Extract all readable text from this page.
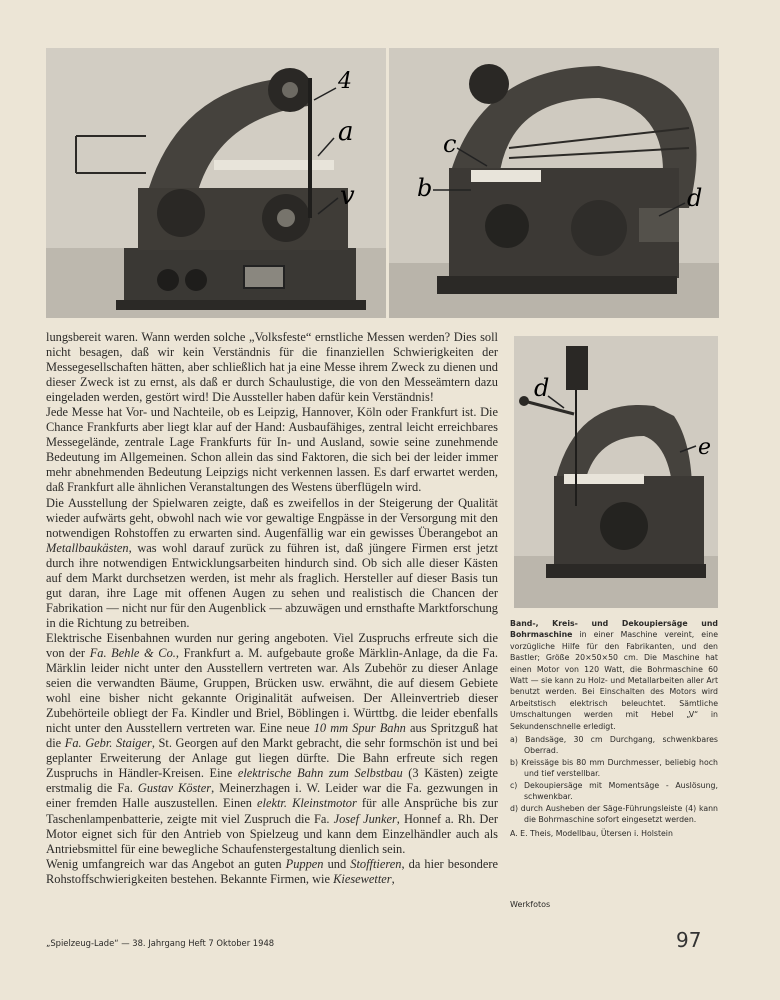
4
a
v
c
b	d
d
e

lungsbereit waren. Wann werden solche „Volksfeste“ ernstliche Messen werden? Dies soll nicht besagen, daß wir kein Verständnis für die finanziellen Schwierigkeiten der Messegesellschaften hätten, aber schließlich hat ja eine Messe ihrem Zweck zu dienen und dieser Zweck ist zu ernst, als daß er durch Schaulustige, die von den Messeämtern dazu eingeladen werden, gestört wird! Die Aussteller haben dafür kein Verständnis!

Jede Messe hat Vor- und Nachteile, ob es Leipzig, Hannover, Köln oder Frankfurt ist. Die Chance Frankfurts aber liegt klar auf der Hand: Ausbaufähiges, zentral leicht erreichbares Messegelände, zentrale Lage Frankfurts für In- und Ausland, sowie seine zunehmende Bedeutung im Allgemeinen. Schon allein das sind Faktoren, die sich bei der leider immer mehr abnehmenden Bedeutung Leipzigs nicht verkennen lassen. Es darf erwartet werden, daß Frankfurt alle ähnlichen Veranstaltungen des Westens überflügeln wird.

Die Ausstellung der Spielwaren zeigte, daß es zweifellos in der Steigerung der Qualität wieder aufwärts geht, obwohl nach wie vor gewaltige Engpässe in der Versorgung mit den notwendigen Rohstoffen zu erwarten sind. Augenfällig war ein gewisses Überangebot an Metallbaukästen, was wohl darauf zurück zu führen ist, daß jüngere Firmen erst jetzt durch ihre notwendigen Entwicklungsarbeiten hindurch sind. Ob sich alle dieser Kästen auf dem Markt durchsetzen werden, ist mehr als fraglich. Hersteller auf dieser Basis tun gut daran, ihre Lage mit offenen Augen zu sehen und realistisch die Chancen der Fabrikation — nicht nur für den Augenblick — abzuwägen und ernsthafte Marktforschung in die Richtung zu betreiben.

Elektrische Eisenbahnen wurden nur gering angeboten. Viel Zuspruchs erfreute sich die von der Fa. Behle & Co., Frankfurt a. M. aufgebaute große Märklin-Anlage, da die Fa. Märklin leider nicht unter den Ausstellern vertreten war. Als Zubehör zu dieser Anlage seien die verwandten Bäume, Gruppen, Brücken usw. erwähnt, die auf diesem Gebiete wohl eine bisher nicht gekannte Originalität aufweisen. Der Alleinvertrieb dieser Zubehörteile obliegt der Fa. Kindler und Briel, Böblingen i. Württbg. die leider ebenfalls nicht unter den Ausstellern vertreten war. Eine neue 10 mm Spur Bahn aus Spritzguß hat die Fa. Gebr. Staiger, St. Georgen auf den Markt gebracht, die sehr formschön ist und bei geplanter Erweiterung der Anlage gut liegen dürfte. Die Bahn erfreute sich regen Zuspruchs in Händler-Kreisen. Eine elektrische Bahn zum Selbstbau (3 Kästen) zeigte erstmalig die Fa. Gustav Köster, Meinerzhagen i. W. Leider war die Fa. gezwungen in einer fremden Halle auszustellen. Einen elektr. Kleinstmotor für alle Ansprüche bis zur Taschenlampenbatterie, zeigte mit viel Zuspruch die Fa. Josef Junker, Honnef a. Rh. Der Motor eignet sich für den Antrieb von Spielzeug und kann dem Einzelhändler auch als Antriebsmittel für eine bewegliche Schaufenstergestaltung dienlich sein.

Wenig umfangreich war das Angebot an guten Puppen und Stofftieren, da hier besondere Rohstoffschwierigkeiten bestehen. Bekannte Firmen, wie Kiesewetter,

Band-, Kreis- und Dekoupiersäge und Bohrmaschine in einer Maschine vereint, eine vorzügliche Hilfe für den Fabrikanten, und den Bastler; Größe 20×50×50 cm. Die Maschine hat einen Motor von 120 Watt, die Bohrmaschine 60 Watt — sie kann zu Holz- und Metallarbeiten aller Art benutzt werden. Bei Einschalten des Motors wird Arbeitstisch elektrisch beleuchtet. Sämtliche Umschaltungen werden mit Hebel „V“ in Sekundenschnelle erledigt.

a) Bandsäge, 30 cm Durchgang, schwenkbares Oberrad.
b) Kreissäge bis 80 mm Durchmesser, beliebig hoch und tief verstellbar.
c) Dekoupiersäge mit Momentsäge - Auslösung, schwenkbar.
d) durch Ausheben der Säge-Führungsleiste (4) kann die Bohrmaschine sofort eingesetzt werden.

A. E. Theis, Modellbau, Ütersen i. Holstein

Werkfotos
„Spielzeug-Lade“ — 38. Jahrgang Heft 7 Oktober 1948	97
